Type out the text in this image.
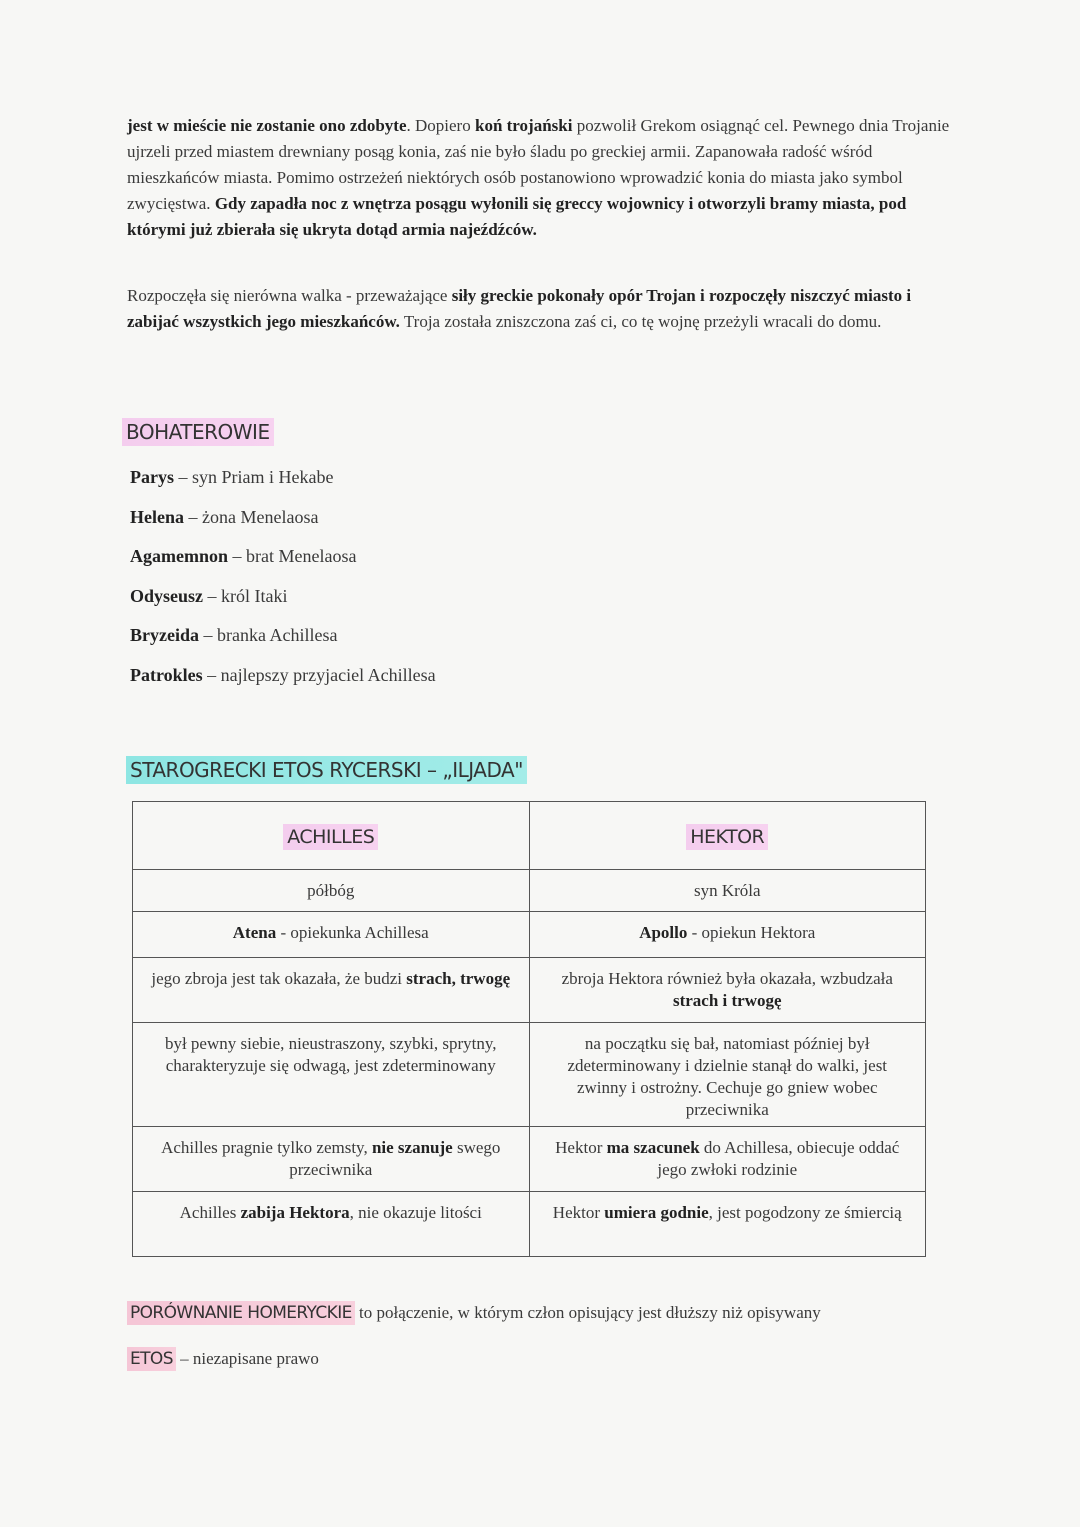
jest w mieście nie zostanie ono zdobyte. Dopiero koń trojański pozwolił Grekom osiągnąć cel. Pewnego dnia Trojanie ujrzeli przed miastem drewniany posąg konia, zaś nie było śladu po greckiej armii. Zapanowała radość wśród mieszkańców miasta. Pomimo ostrzeżeń niektórych osób postanowiono wprowadzić konia do miasta jako symbol zwycięstwa. Gdy zapadła noc z wnętrza posągu wyłonili się greccy wojownicy i otworzyli bramy miasta, pod którymi już zbierała się ukryta dotąd armia najeźdźców.

Rozpoczęła się nierówna walka - przeważające siły greckie pokonały opór Trojan i rozpoczęły niszczyć miasto i zabijać wszystkich jego mieszkańców. Troja została zniszczona zaś ci, co tę wojnę przeżyli wracali do domu.

BOHATEROWIE
Parys – syn Priam i Hekabe
Helena – żona Menelaosa
Agamemnon – brat Menelaosa
Odyseusz – król Itaki
Bryzeida – branka Achillesa
Patrokles – najlepszy przyjaciel Achillesa
STAROGRECKI ETOS RYCERSKI – „ILJADA"
ACHILLES	HEKTOR
półbóg	syn Króla
Atena - opiekunka Achillesa	Apollo - opiekun Hektora
jego zbroja jest tak okazała, że budzi strach, trwogę	zbroja Hektora również była okazała, wzbudzała strach i trwogę
był pewny siebie, nieustraszony, szybki, sprytny, charakteryzuje się odwagą, jest zdeterminowany	na początku się bał, natomiast później był zdeterminowany i dzielnie stanął do walki, jest zwinny i ostrożny. Cechuje go gniew wobec przeciwnika
Achilles pragnie tylko zemsty, nie szanuje swego przeciwnika	Hektor ma szacunek do Achillesa, obiecuje oddać jego zwłoki rodzinie
Achilles zabija Hektora, nie okazuje litości	Hektor umiera godnie, jest pogodzony ze śmiercią
PORÓWNANIE HOMERYCKIE to połączenie, w którym człon opisujący jest dłuższy niż opisywany
ETOS – niezapisane prawo
